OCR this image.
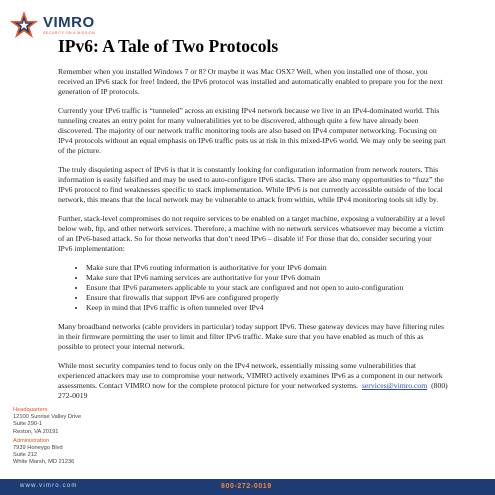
VIMRO
SECURITY ON A MISSION
IPv6: A Tale of Two Protocols

Remember when you installed Windows 7 or 8? Or maybe it was Mac OSX? Well, when you installed one of those, you received an IPv6 stack for free! Indeed, the IPv6 protocol was installed and automatically enabled to prepare you for the next generation of IP protocols.

Currently your IPv6 traffic is “tunneled” across an existing IPv4 network because we live in an IPv4-dominated world. This tunneling creates an entry point for many vulnerabilities yet to be discovered, although quite a few have already been discovered. The majority of our network traffic monitoring tools are also based on IPv4 computer networking. Focusing on IPv4 protocols without an equal emphasis on IPv6 traffic puts us at risk in this mixed-IPv6 world. We may only be seeing part of the picture.

The truly disquieting aspect of IPv6 is that it is constantly looking for configuration information from network routers. This information is easily falsified and may be used to auto-configure IPv6 stacks. There are also many opportunities to “fuzz” the IPv6 protocol to find weaknesses specific to stack implementation. While IPv6 is not currently accessible outside of the local network, this means that the local network may be vulnerable to attack from within, while IPv4 monitoring tools sit idly by.

Further, stack-level compromises do not require services to be enabled on a target machine, exposing a vulnerability at a level below web, ftp, and other network services. Therefore, a machine with no network services whatsoever may become a victim of an IPv6-based attack. So for those networks that don’t need IPv6 – disable it! For those that do, consider securing your IPv6 implementation:

• Make sure that IPv6 routing information is authoritative for your IPv6 domain
• Make sure that IPv6 naming services are authoritative for your IPv6 domain
• Ensure that IPv6 parameters applicable to your stack are configured and not open to auto-configuration
• Ensure that firewalls that support IPv6 are configured properly
• Keep in mind that IPv6 traffic is often tunneled over IPv4

Many broadband networks (cable providers in particular) today support IPv6. These gateway devices may have filtering rules in their firmware permitting the user to limit and filter IPv6 traffic. Make sure that you have enabled as much of this as possible to protect your internal network.

While most security companies tend to focus only on the IPv4 network, essentially missing some vulnerabilities that experienced attackers may use to compromise your network, VIMRO actively examines IPv6 as a component in our network assessments. Contact VIMRO now for the complete protocol picture for your networked systems. services@vimro.com (800) 272-0019

Headquarters
12100 Sunrise Valley Drive
Suite 290-1
Reston, VA 20191
Administration
7939 Honeygo Blvd
Suite 212
White Marsh, MD 21236
www.vimro.com	800-272-0019
